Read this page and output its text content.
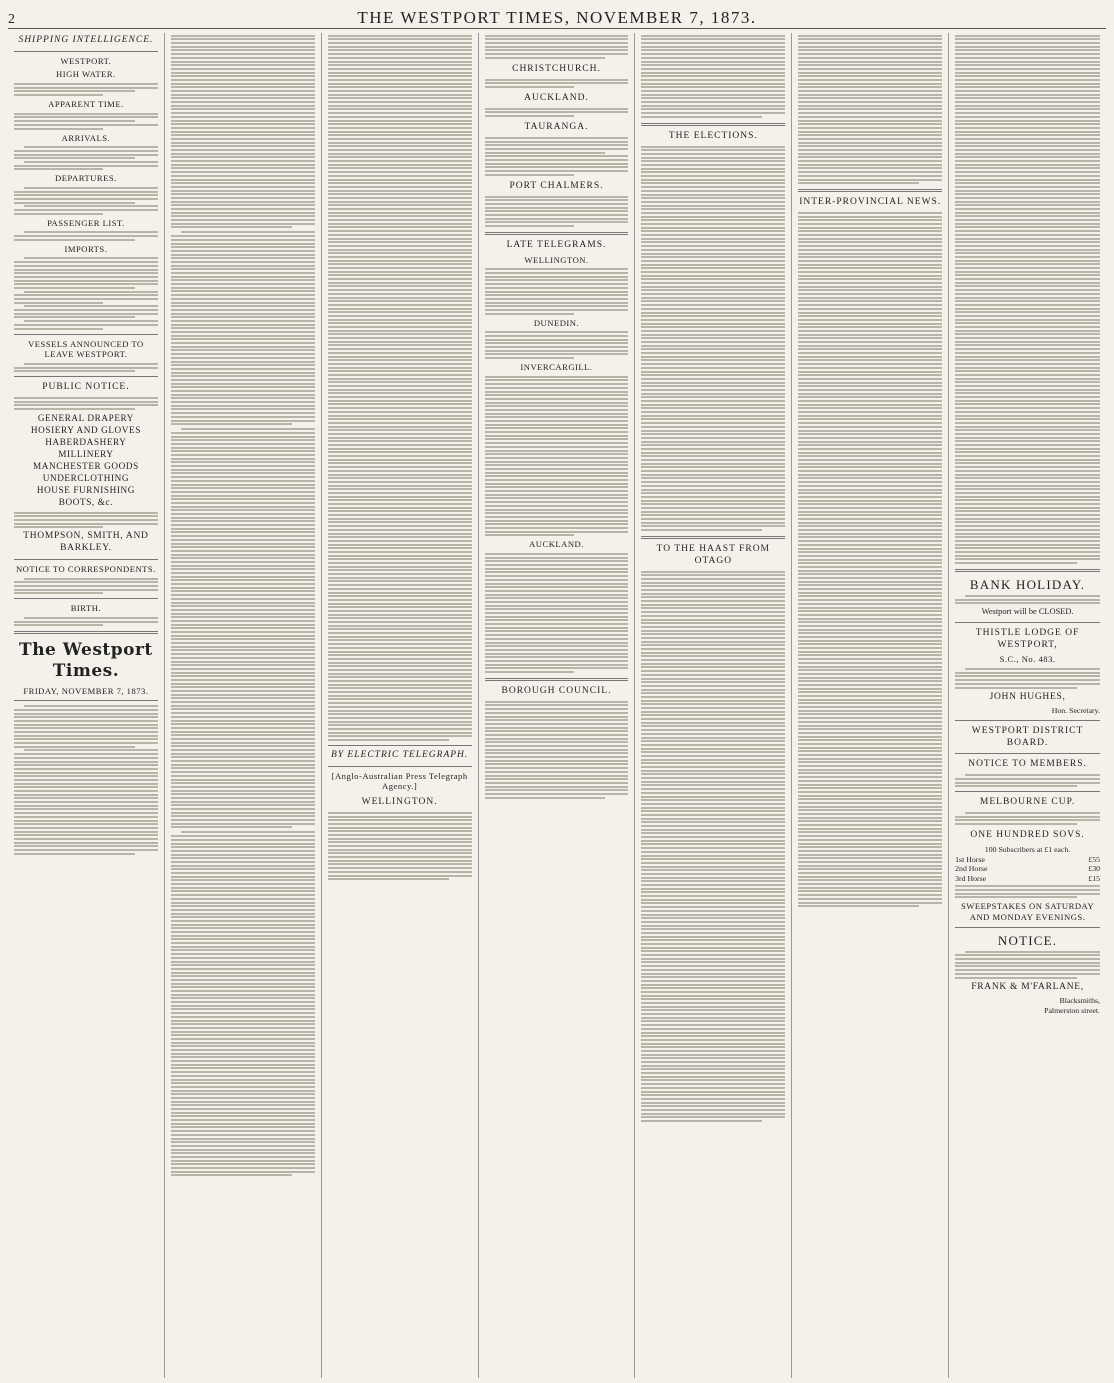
2	THE WESTPORT TIMES, NOVEMBER 7, 1873.
SHIPPING INTELLIGENCE.
WESTPORT.
HIGH WATER.
APPARENT TIME.
ARRIVALS.
DEPARTURES.
PASSENGER LIST.
IMPORTS.
VESSELS ANNOUNCED TO LEAVE WESTPORT.
PUBLIC NOTICE.
GENERAL DRAPERY
HOSIERY AND GLOVES
HABERDASHERY
MILLINERY
MANCHESTER GOODS
UNDERCLOTHING
HOUSE FURNISHING
BOOTS, &c.
THOMPSON, SMITH, AND BARKLEY.
NOTICE TO CORRESPONDENTS.
BIRTH.
The Westport Times.
FRIDAY, NOVEMBER 7, 1873.
BY ELECTRIC TELEGRAPH.
[Anglo-Australian Press Telegraph Agency.]
WELLINGTON.
CHRISTCHURCH.
AUCKLAND.
TAURANGA.
PORT CHALMERS.
LATE TELEGRAMS.
WELLINGTON.
DUNEDIN.
INVERCARGILL.
AUCKLAND.
BOROUGH COUNCIL.
THE ELECTIONS.
TO THE HAAST FROM OTAGO
INTER-PROVINCIAL NEWS.
BANK HOLIDAY.
Westport will be CLOSED.
THISTLE LODGE OF WESTPORT,
S.C., No. 483.
JOHN HUGHES,
Hon. Secretary.
WESTPORT DISTRICT BOARD.
NOTICE TO MEMBERS.
MELBOURNE CUP.
ONE HUNDRED SOVS.
100 Subscribers at £1 each.
1st Horse	£55
2nd Horse	£30
3rd Horse	£15
SWEEPSTAKES ON SATURDAY AND MONDAY EVENINGS.
NOTICE.
FRANK & M'FARLANE,
Blacksmiths,
Palmerston street.
